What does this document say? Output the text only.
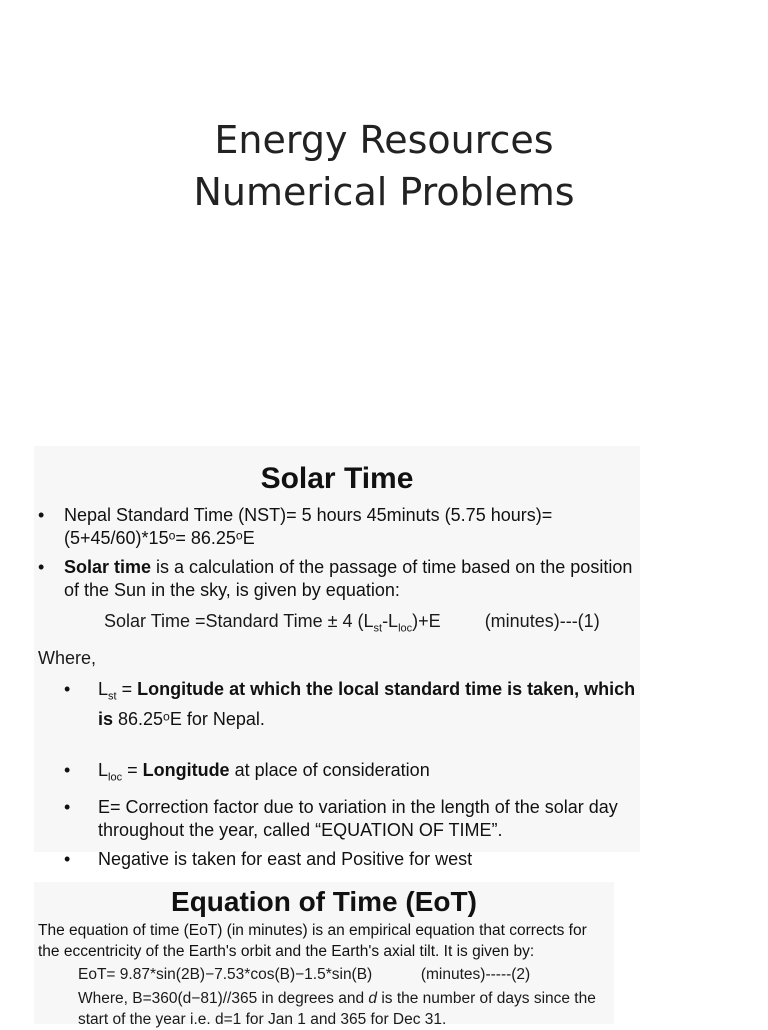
Energy Resources
Numerical Problems
Solar Time
• Nepal Standard Time (NST)= 5 hours 45minuts (5.75 hours)=(5+45/60)*15ᵒ= 86.25ᵒE
• Solar time is a calculation of the passage of time based on the position of the Sun in the sky, is given by equation:
Solar Time =Standard Time ± 4 $(L_{st}-L_{loc})+E$ (minutes)---(1)
Where,
• $L_{st}$ = Longitude at which the local standard time is taken, which is 86.25ᵒE for Nepal.
• $L_{loc}$ = Longitude at place of consideration
• E= Correction factor due to variation in the length of the solar day throughout the year, called “EQUATION OF TIME”.
• Negative is taken for east and Positive for west
Equation of Time (EoT)
The equation of time (EoT) (in minutes) is an empirical equation that corrects for the eccentricity of the Earth's orbit and the Earth's axial tilt. It is given by:
EoT= 9.87*sin(2B)−7.53*cos(B)−1.5*sin(B)	(minutes)-----(2)
Where, B=360(d−81)//365 in degrees and d is the number of days since the start of the year i.e. d=1 for Jan 1 and 365 for Dec 31.
